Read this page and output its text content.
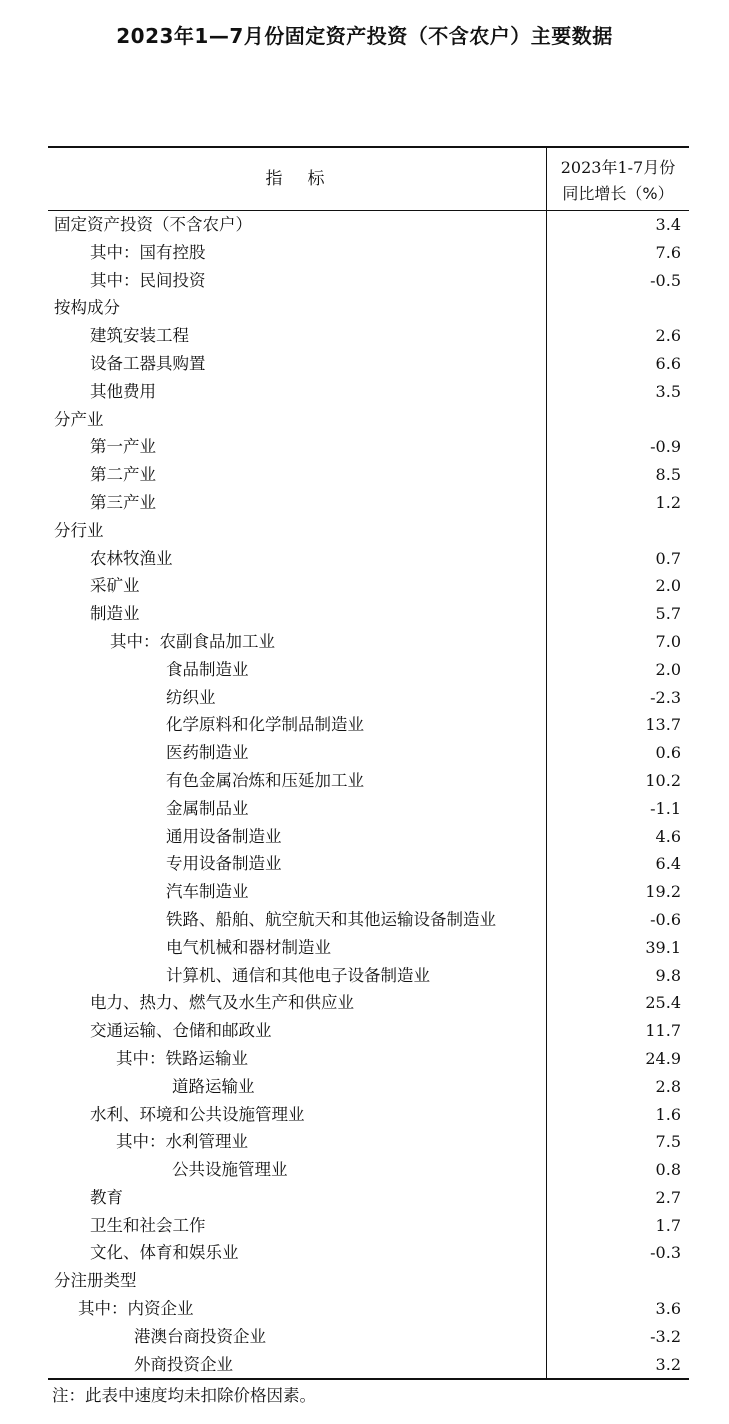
2023年1—7月份固定资产投资（不含农户）主要数据
指　标
2023年1-7月份
同比增长（%）
固定资产投资（不含农户）	3.4
其中：国有控股	7.6
其中：民间投资	-0.5
按构成分
建筑安装工程	2.6
设备工器具购置	6.6
其他费用	3.5
分产业
第一产业	-0.9
第二产业	8.5
第三产业	1.2
分行业
农林牧渔业	0.7
采矿业	2.0
制造业	5.7
其中：农副食品加工业	7.0
食品制造业	2.0
纺织业	-2.3
化学原料和化学制品制造业	13.7
医药制造业	0.6
有色金属冶炼和压延加工业	10.2
金属制品业	-1.1
通用设备制造业	4.6
专用设备制造业	6.4
汽车制造业	19.2
铁路、船舶、航空航天和其他运输设备制造业	-0.6
电气机械和器材制造业	39.1
计算机、通信和其他电子设备制造业	9.8
电力、热力、燃气及水生产和供应业	25.4
交通运输、仓储和邮政业	11.7
其中：铁路运输业	24.9
道路运输业	2.8
水利、环境和公共设施管理业	1.6
其中：水利管理业	7.5
公共设施管理业	0.8
教育	2.7
卫生和社会工作	1.7
文化、体育和娱乐业	-0.3
分注册类型
其中：内资企业	3.6
港澳台商投资企业	-3.2
外商投资企业	3.2
注：此表中速度均未扣除价格因素。
